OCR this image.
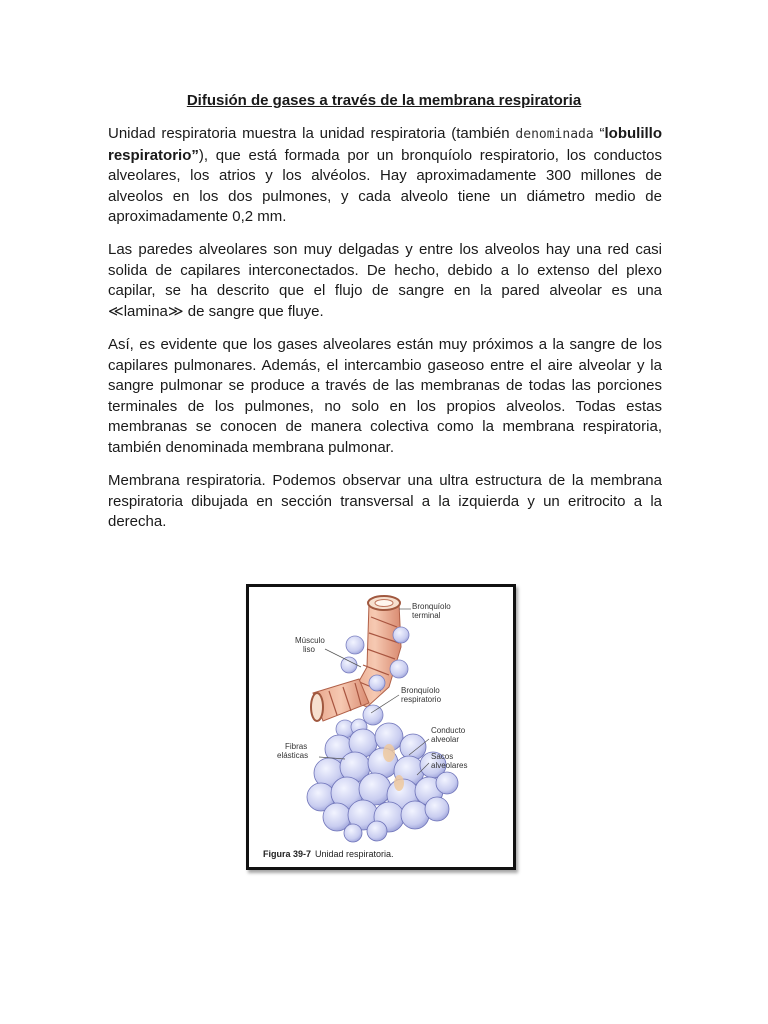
Difusión de gases a través de la membrana respiratoria

Unidad respiratoria muestra la unidad respiratoria (también denominada “lobulillo respiratorio”), que está formada por un bronquíolo respiratorio, los conductos alveolares, los atrios y los alvéolos. Hay aproximadamente 300 millones de alveolos en los dos pulmones, y cada alveolo tiene un diámetro medio de aproximadamente 0,2 mm.

Las paredes alveolares son muy delgadas y entre los alveolos hay una red casi solida de capilares interconectados. De hecho, debido a lo extenso del plexo capilar, se ha descrito que el flujo de sangre en la pared alveolar es una ≪lamina≫ de sangre que fluye.

Así, es evidente que los gases alveolares están muy próximos a la sangre de los capilares pulmonares. Además, el intercambio gaseoso entre el aire alveolar y la sangre pulmonar se produce a través de las membranas de todas las porciones terminales de los pulmones, no solo en los propios alveolos. Todas estas membranas se conocen de manera colectiva como la membrana respiratoria, también denominada membrana pulmonar.

Membrana respiratoria. Podemos observar una ultra estructura de la membrana respiratoria dibujada en sección transversal a la izquierda y un eritrocito a la derecha.

Bronquíolo
terminal
Músculo
liso
Bronquíolo
respiratorio
Conducto
alveolar
Fibras
elásticas	Sacos
alveolares
Figura 39-7 Unidad respiratoria.
